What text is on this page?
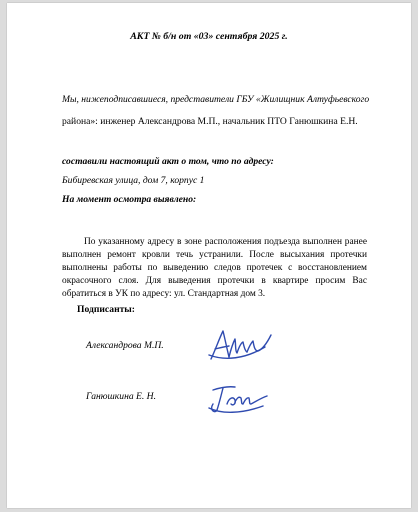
АКТ № б/н от «03» сентября 2025 г.
Мы, нижеподписавшиеся, представители ГБУ «Жилищник Алтуфьевского
района»: инженер Александрова М.П., начальник ПТО Ганюшкина Е.Н.
составили настоящий акт о том, что по адресу:
Бибиревская улица, дом 7, корпус 1
На момент осмотра выявлено:

По указанному адресу в зоне расположения подъезда выполнен ранее выполнен ремонт кровли течь устранили. После высыхания протечки выполнены работы по выведению следов протечек с восстановлением окрасочного слоя. Для выведения протечки в квартире просим Вас обратиться в УК по адресу: ул. Стандартная дом 3.

Подписанты:
Александрова М.П.
Ганюшкина Е. Н.
